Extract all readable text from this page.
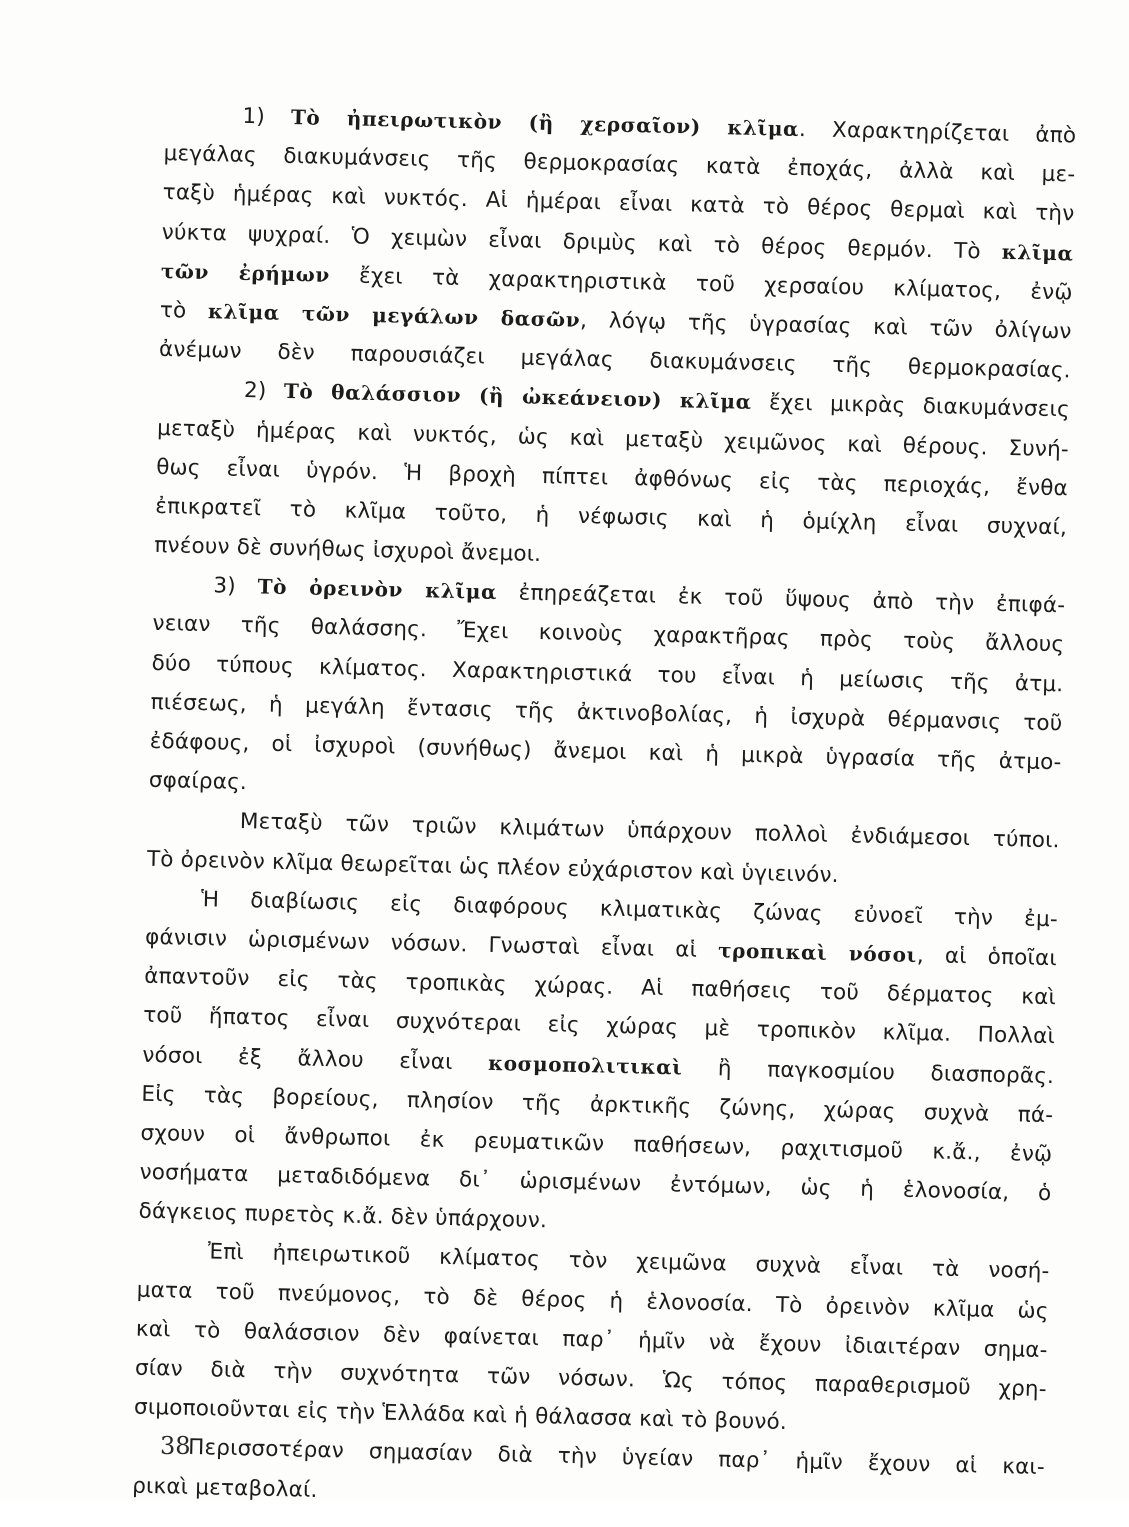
1) Τὸ ἠπειρωτικὸν (ἢ χερσαῖον) κλῖμα. Χαρακτηρίζεται ἀπὸ
μεγάλας διακυμάνσεις τῆς θερμοκρασίας κατὰ ἐποχάς, ἀλλὰ καὶ με-
ταξὺ ἡμέρας καὶ νυκτός. Αἱ ἡμέραι εἶναι κατὰ τὸ θέρος θερμαὶ καὶ τὴν
νύκτα ψυχραί. Ὁ χειμὼν εἶναι δριμὺς καὶ τὸ θέρος θερμόν. Τὸ κλῖμα
τῶν ἐρήμων ἔχει τὰ χαρακτηριστικὰ τοῦ χερσαίου κλίματος, ἐνῷ
τὸ κλῖμα τῶν μεγάλων δασῶν, λόγῳ τῆς ὑγρασίας καὶ τῶν ὀλίγων
ἀνέμων δὲν παρουσιάζει μεγάλας διακυμάνσεις τῆς θερμοκρασίας.
2) Τὸ θαλάσσιον (ἢ ὠκεάνειον) κλῖμα ἔχει μικρὰς διακυμάνσεις
μεταξὺ ἡμέρας καὶ νυκτός, ὡς καὶ μεταξὺ χειμῶνος καὶ θέρους. Συνή-
θως εἶναι ὑγρόν. Ἡ βροχὴ πίπτει ἀφθόνως εἰς τὰς περιοχάς, ἔνθα
ἐπικρατεῖ τὸ κλῖμα τοῦτο, ἡ νέφωσις καὶ ἡ ὁμίχλη εἶναι συχναί,
πνέουν δὲ συνήθως ἰσχυροὶ ἄνεμοι.
3) Τὸ ὀρεινὸν κλῖμα ἐπηρεάζεται ἐκ τοῦ ὕψους ἀπὸ τὴν ἐπιφά-
νειαν τῆς θαλάσσης. Ἔχει κοινοὺς χαρακτῆρας πρὸς τοὺς ἄλλους
δύο τύπους κλίματος. Χαρακτηριστικά του εἶναι ἡ μείωσις τῆς ἀτμ.
πιέσεως, ἡ μεγάλη ἔντασις τῆς ἀκτινοβολίας, ἡ ἰσχυρὰ θέρμανσις τοῦ
ἐδάφους, οἱ ἰσχυροὶ (συνήθως) ἄνεμοι καὶ ἡ μικρὰ ὑγρασία τῆς ἀτμο-
σφαίρας.
Μεταξὺ τῶν τριῶν κλιμάτων ὑπάρχουν πολλοὶ ἐνδιάμεσοι τύποι.
Τὸ ὀρεινὸν κλῖμα θεωρεῖται ὡς πλέον εὐχάριστον καὶ ὑγιεινόν.
Ἡ διαβίωσις εἰς διαφόρους κλιματικὰς ζώνας εὐνοεῖ τὴν ἐμ-
φάνισιν ὡρισμένων νόσων. Γνωσταὶ εἶναι αἱ τροπικαὶ νόσοι, αἱ ὁποῖαι
ἀπαντοῦν εἰς τὰς τροπικὰς χώρας. Αἱ παθήσεις τοῦ δέρματος καὶ
τοῦ ἥπατος εἶναι συχνότεραι εἰς χώρας μὲ τροπικὸν κλῖμα. Πολλαὶ
νόσοι ἐξ ἄλλου εἶναι κοσμοπολιτικαὶ ἢ παγκοσμίου διασπορᾶς.
Εἰς τὰς βορείους, πλησίον τῆς ἀρκτικῆς ζώνης, χώρας συχνὰ πά-
σχουν οἱ ἄνθρωποι ἐκ ρευματικῶν παθήσεων, ραχιτισμοῦ κ.ἄ., ἐνῷ
νοσήματα μεταδιδόμενα δι᾿ ὡρισμένων ἐντόμων, ὡς ἡ ἑλονοσία, ὁ
δάγκειος πυρετὸς κ.ἄ. δὲν ὑπάρχουν.
Ἐπὶ ἠπειρωτικοῦ κλίματος τὸν χειμῶνα συχνὰ εἶναι τὰ νοσή-
ματα τοῦ πνεύμονος, τὸ δὲ θέρος ἡ ἑλονοσία. Τὸ ὀρεινὸν κλῖμα ὡς
καὶ τὸ θαλάσσιον δὲν φαίνεται παρ᾿ ἡμῖν νὰ ἔχουν ἰδιαιτέραν σημα-
σίαν διὰ τὴν συχνότητα τῶν νόσων. Ὡς τόπος παραθερισμοῦ χρη-
σιμοποιοῦνται εἰς τὴν Ἑλλάδα καὶ ἡ θάλασσα καὶ τὸ βουνό.
Περισσοτέραν σημασίαν διὰ τὴν ὑγείαν παρ᾿ ἡμῖν ἔχουν αἱ και-
ρικαὶ μεταβολαί.
38
